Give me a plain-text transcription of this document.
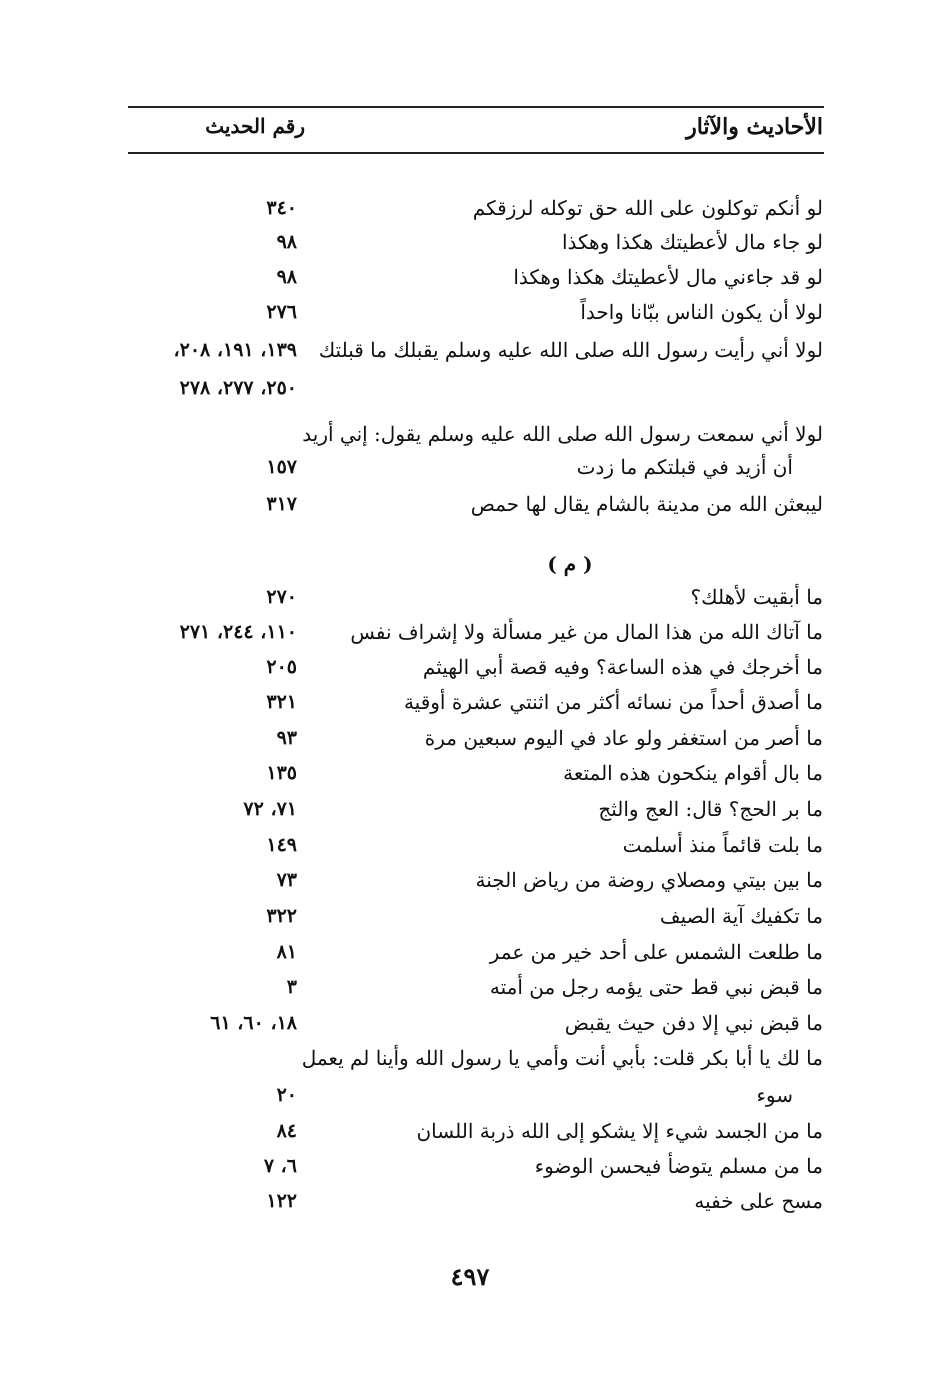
الأحاديث والآثار
رقم الحديث
لو أنكم توكلون على الله حق توكله لرزقكم
٣٤٠
لو جاء مال لأعطيتك هكذا وهكذا
٩٨
لو قد جاءني مال لأعطيتك هكذا وهكذا
٩٨
لولا أن يكون الناس ببّانا واحداً
٢٧٦
لولا أني رأيت رسول الله صلى الله عليه وسلم يقبلك ما قبلتك
١٣٩، ١٩١، ٢٠٨،
٢٥٠، ٢٧٧، ٢٧٨
لولا أني سمعت رسول الله صلى الله عليه وسلم يقول: إني أريد
أن أزيد في قبلتكم ما زدت
١٥٧
ليبعثن الله من مدينة بالشام يقال لها حمص
٣١٧
( م )
ما أبقيت لأهلك؟
٢٧٠
ما آتاك الله من هذا المال من غير مسألة ولا إشراف نفس
١١٠، ٢٤٤، ٢٧١
ما أخرجك في هذه الساعة؟ وفيه قصة أبي الهيثم
٢٠٥
ما أصدق أحداً من نسائه أكثر من اثنتي عشرة أوقية
٣٢١
ما أصر من استغفر ولو عاد في اليوم سبعين مرة
٩٣
ما بال أقوام ينكحون هذه المتعة
١٣٥
ما بر الحج؟ قال: العج والثج
٧١، ٧٢
ما بلت قائماً منذ أسلمت
١٤٩
ما بين بيتي ومصلاي روضة من رياض الجنة
٧٣
ما تكفيك آية الصيف
٣٢٢
ما طلعت الشمس على أحد خير من عمر
٨١
ما قبض نبي قط حتى يؤمه رجل من أمته
٣
ما قبض نبي إلا دفن حيث يقبض
١٨، ٦٠، ٦١
ما لك يا أبا بكر قلت: بأبي أنت وأمي يا رسول الله وأينا لم يعمل
سوء
٢٠
ما من الجسد شيء إلا يشكو إلى الله ذربة اللسان
٨٤
ما من مسلم يتوضأ فيحسن الوضوء
٦، ٧
مسح على خفيه
١٢٢
٤٩٧
